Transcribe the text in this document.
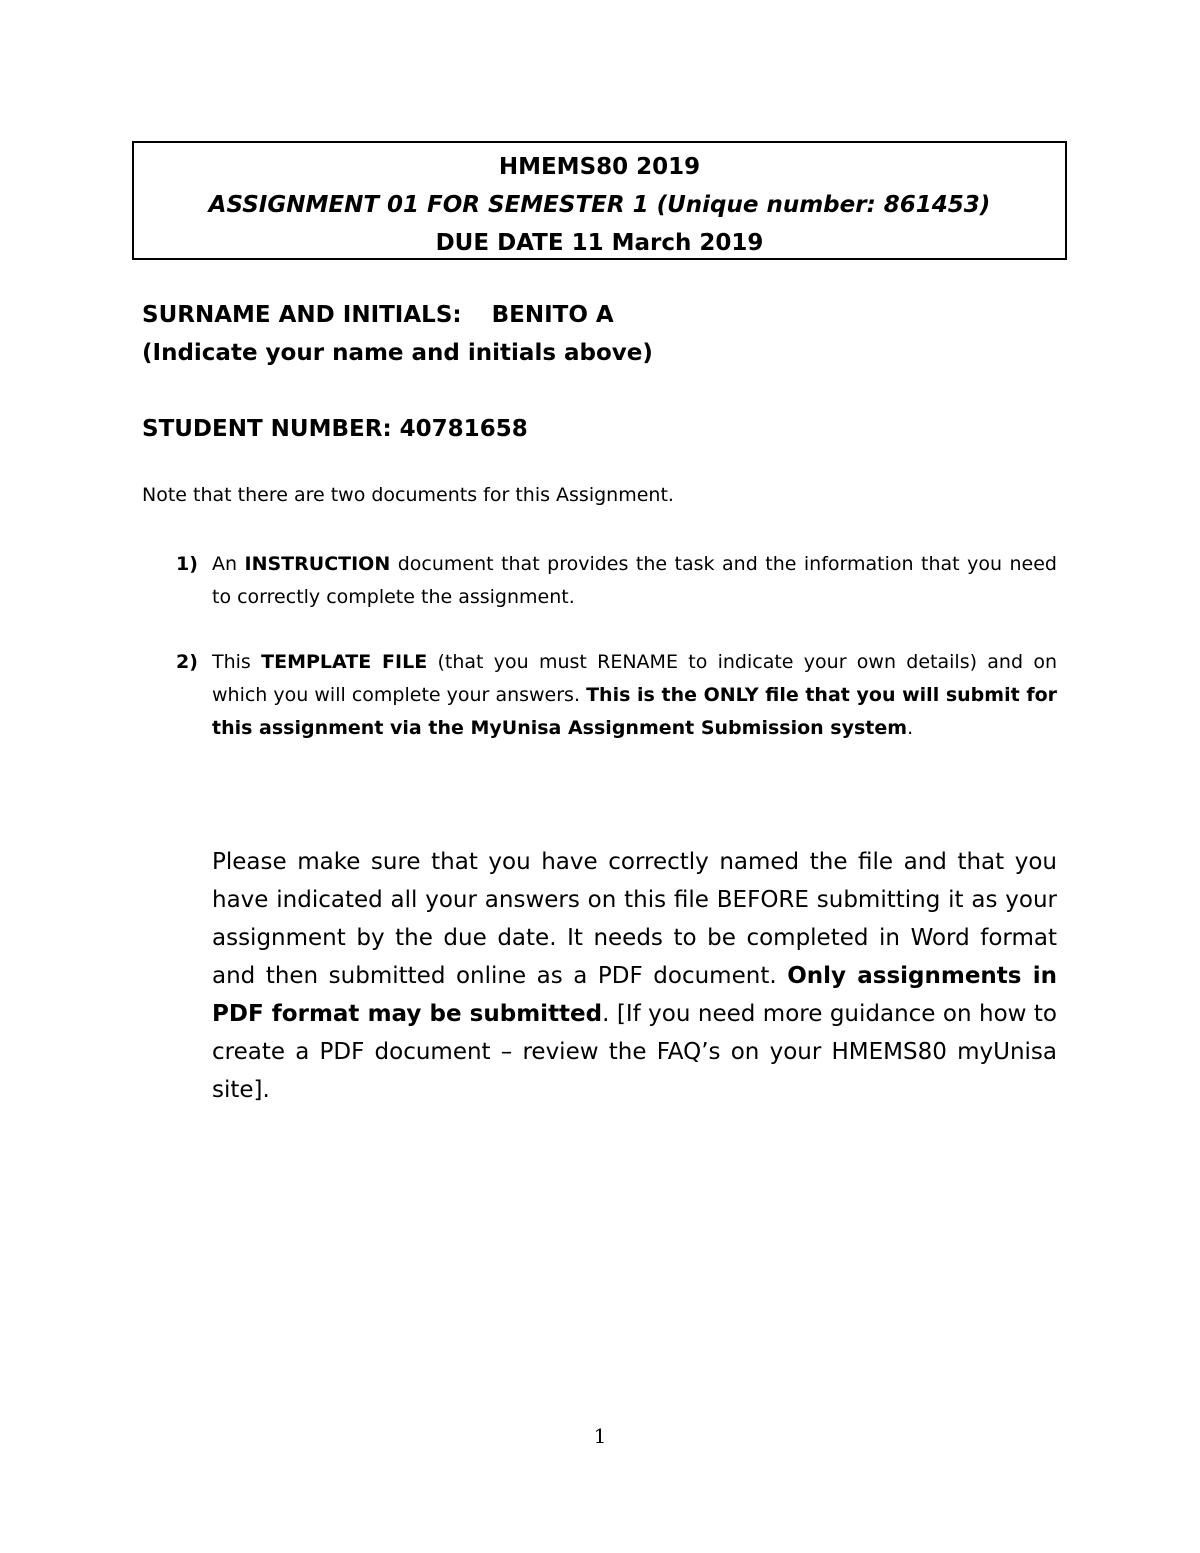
HMEMS80 2019
ASSIGNMENT 01 FOR SEMESTER 1 (Unique number: 861453)
DUE DATE 11 March 2019
SURNAME AND INITIALS: BENITO A
(Indicate your name and initials above)
STUDENT NUMBER: 40781658
Note that there are two documents for this Assignment.
1) An INSTRUCTION document that provides the task and the information that you need to correctly complete the assignment.
2) This TEMPLATE FILE (that you must RENAME to indicate your own details) and on which you will complete your answers. This is the ONLY file that you will submit for this assignment via the MyUnisa Assignment Submission system.
Please make sure that you have correctly named the file and that you have indicated all your answers on this file BEFORE submitting it as your assignment by the due date. It needs to be completed in Word format and then submitted online as a PDF document. Only assignments in PDF format may be submitted. [If you need more guidance on how to create a PDF document – review the FAQ’s on your HMEMS80 myUnisa site].
1
